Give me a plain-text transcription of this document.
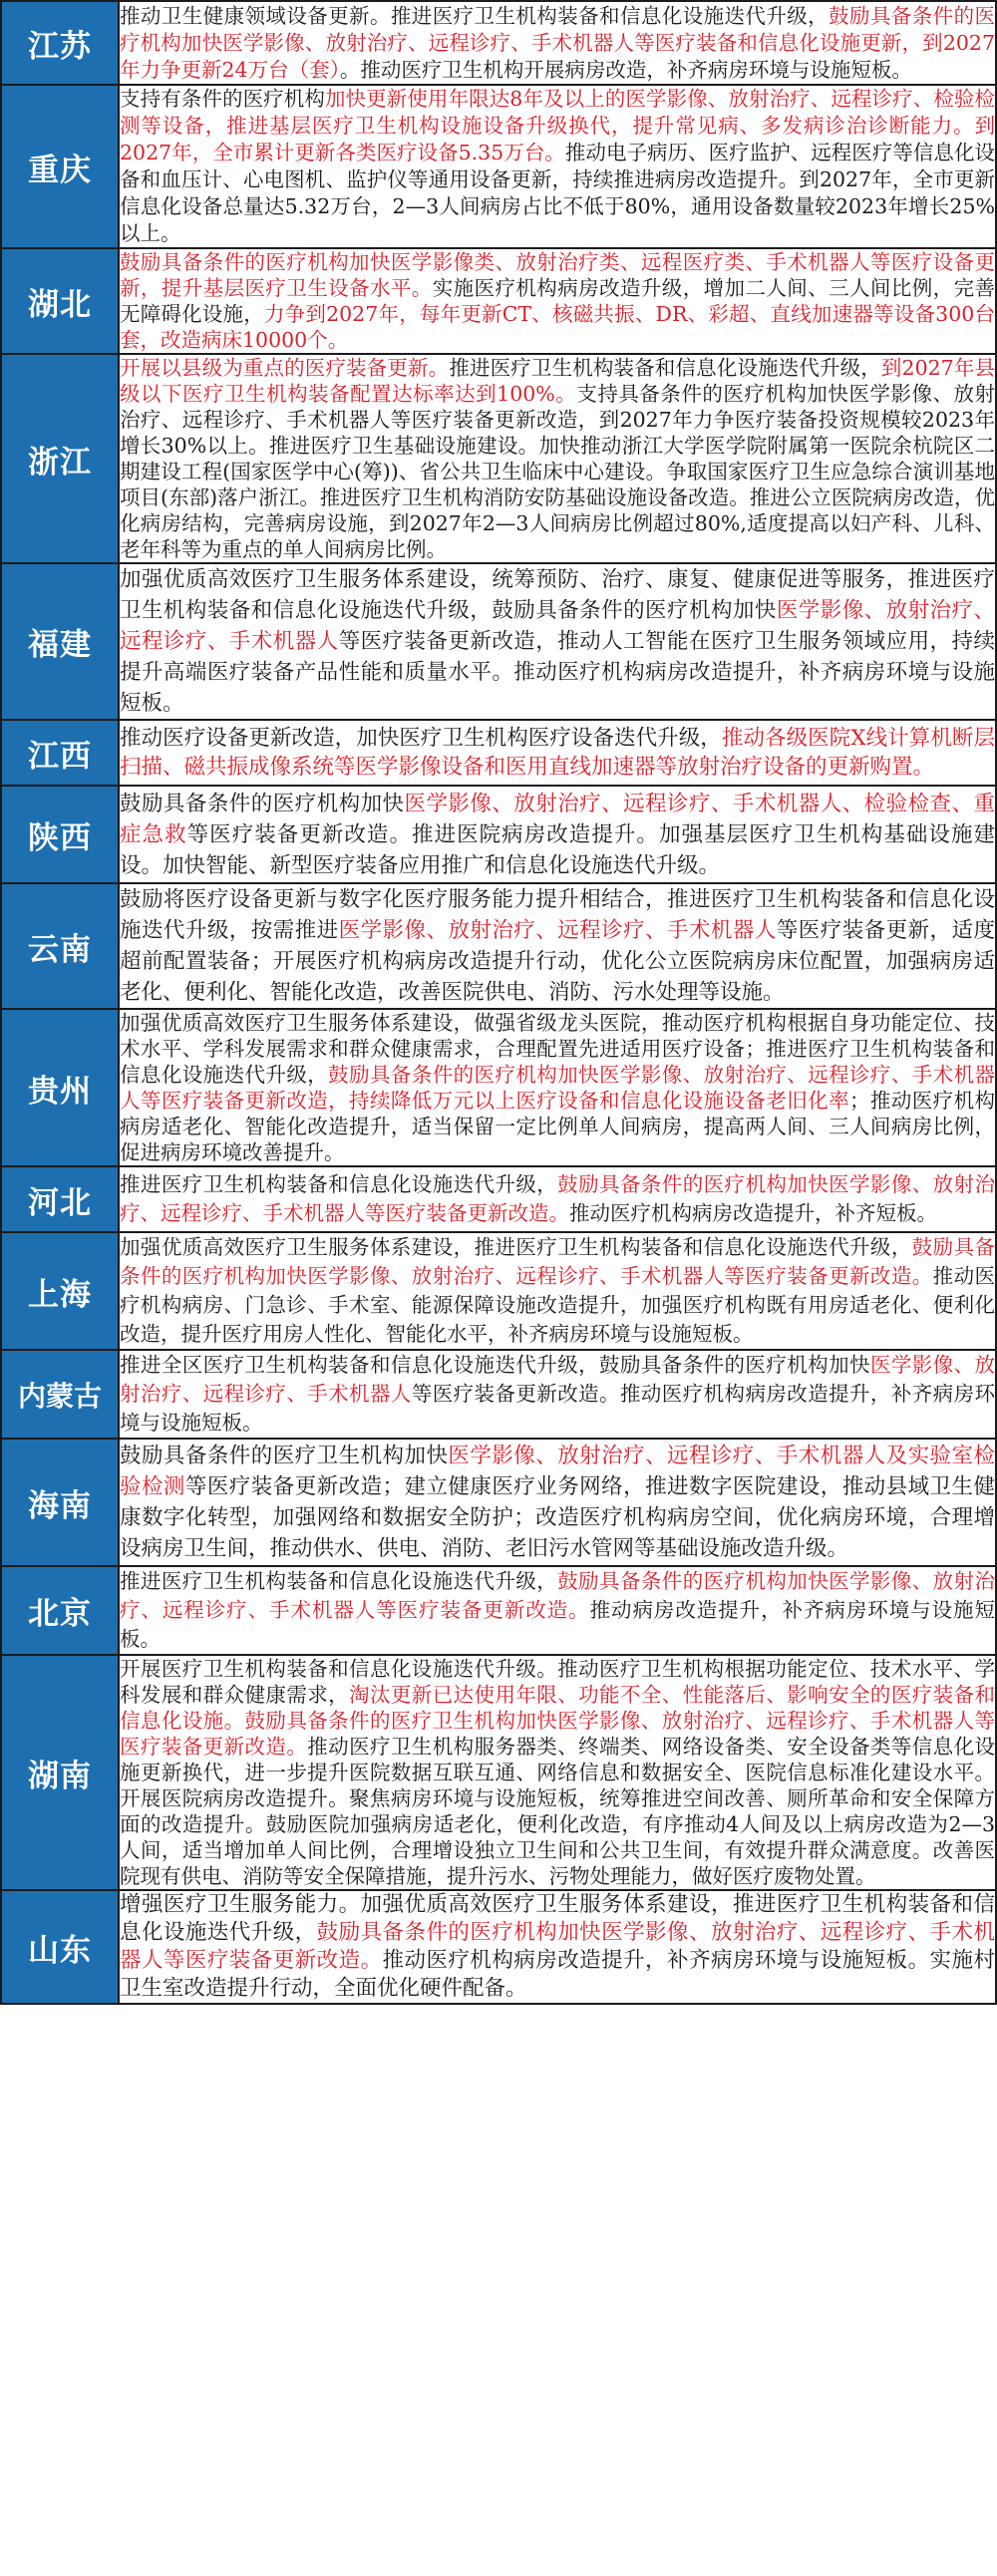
江苏	推动卫生健康领域设备更新。推进医疗卫生机构装备和信息化设施迭代升级，鼓励具备条件的医疗机构加快医学影像、放射治疗、远程诊疗、手术机器人等医疗装备和信息化设施更新，到2027年力争更新24万台（套）。推动医疗卫生机构开展病房改造，补齐病房环境与设施短板。
重庆	支持有条件的医疗机构加快更新使用年限达8年及以上的医学影像、放射治疗、远程诊疗、检验检测等设备，推进基层医疗卫生机构设施设备升级换代，提升常见病、多发病诊治诊断能力。到2027年，全市累计更新各类医疗设备5.35万台。推动电子病历、医疗监护、远程医疗等信息化设备和血压计、心电图机、监护仪等通用设备更新，持续推进病房改造提升。到2027年，全市更新信息化设备总量达5.32万台，2—3人间病房占比不低于80%，通用设备数量较2023年增长25%以上。
湖北	鼓励具备条件的医疗机构加快医学影像类、放射治疗类、远程医疗类、手术机器人等医疗设备更新，提升基层医疗卫生设备水平。实施医疗机构病房改造升级，增加二人间、三人间比例，完善无障碍化设施，力争到2027年，每年更新CT、核磁共振、DR、彩超、直线加速器等设备300台套，改造病床10000个。
浙江	开展以县级为重点的医疗装备更新。推进医疗卫生机构装备和信息化设施迭代升级，到2027年县级以下医疗卫生机构装备配置达标率达到100%。支持具备条件的医疗机构加快医学影像、放射治疗、远程诊疗、手术机器人等医疗装备更新改造，到2027年力争医疗装备投资规模较2023年增长30%以上。推进医疗卫生基础设施建设。加快推动浙江大学医学院附属第一医院余杭院区二期建设工程(国家医学中心(筹))、省公共卫生临床中心建设。争取国家医疗卫生应急综合演训基地项目(东部)落户浙江。推进医疗卫生机构消防安防基础设施设备改造。推进公立医院病房改造，优化病房结构，完善病房设施，到2027年2—3人间病房比例超过80%,适度提高以妇产科、儿科、老年科等为重点的单人间病房比例。
福建	加强优质高效医疗卫生服务体系建设，统筹预防、治疗、康复、健康促进等服务，推进医疗卫生机构装备和信息化设施迭代升级，鼓励具备条件的医疗机构加快医学影像、放射治疗、远程诊疗、手术机器人等医疗装备更新改造，推动人工智能在医疗卫生服务领域应用，持续提升高端医疗装备产品性能和质量水平。推动医疗机构病房改造提升，补齐病房环境与设施短板。
江西	推动医疗设备更新改造，加快医疗卫生机构医疗设备迭代升级，推动各级医院X线计算机断层扫描、磁共振成像系统等医学影像设备和医用直线加速器等放射治疗设备的更新购置。
陕西	鼓励具备条件的医疗机构加快医学影像、放射治疗、远程诊疗、手术机器人、检验检查、重症急救等医疗装备更新改造。推进医院病房改造提升。加强基层医疗卫生机构基础设施建设。加快智能、新型医疗装备应用推广和信息化设施迭代升级。
云南	鼓励将医疗设备更新与数字化医疗服务能力提升相结合，推进医疗卫生机构装备和信息化设施迭代升级，按需推进医学影像、放射治疗、远程诊疗、手术机器人等医疗装备更新，适度超前配置装备；开展医疗机构病房改造提升行动，优化公立医院病房床位配置，加强病房适老化、便利化、智能化改造，改善医院供电、消防、污水处理等设施。
贵州	加强优质高效医疗卫生服务体系建设，做强省级龙头医院，推动医疗机构根据自身功能定位、技术水平、学科发展需求和群众健康需求，合理配置先进适用医疗设备；推进医疗卫生机构装备和信息化设施迭代升级，鼓励具备条件的医疗机构加快医学影像、放射治疗、远程诊疗、手术机器人等医疗装备更新改造，持续降低万元以上医疗设备和信息化设施设备老旧化率；推动医疗机构病房适老化、智能化改造提升，适当保留一定比例单人间病房，提高两人间、三人间病房比例，促进病房环境改善提升。
河北	推进医疗卫生机构装备和信息化设施迭代升级，鼓励具备条件的医疗机构加快医学影像、放射治疗、远程诊疗、手术机器人等医疗装备更新改造。推动医疗机构病房改造提升，补齐短板。
上海	加强优质高效医疗卫生服务体系建设，推进医疗卫生机构装备和信息化设施迭代升级，鼓励具备条件的医疗机构加快医学影像、放射治疗、远程诊疗、手术机器人等医疗装备更新改造。推动医疗机构病房、门急诊、手术室、能源保障设施改造提升，加强医疗机构既有用房适老化、便利化改造，提升医疗用房人性化、智能化水平，补齐病房环境与设施短板。
内蒙古	推进全区医疗卫生机构装备和信息化设施迭代升级，鼓励具备条件的医疗机构加快医学影像、放射治疗、远程诊疗、手术机器人等医疗装备更新改造。推动医疗机构病房改造提升，补齐病房环境与设施短板。
海南	鼓励具备条件的医疗卫生机构加快医学影像、放射治疗、远程诊疗、手术机器人及实验室检验检测等医疗装备更新改造；建立健康医疗业务网络，推进数字医院建设，推动县域卫生健康数字化转型，加强网络和数据安全防护；改造医疗机构病房空间，优化病房环境，合理增设病房卫生间，推动供水、供电、消防、老旧污水管网等基础设施改造升级。
北京	推进医疗卫生机构装备和信息化设施迭代升级，鼓励具备条件的医疗机构加快医学影像、放射治疗、远程诊疗、手术机器人等医疗装备更新改造。推动病房改造提升，补齐病房环境与设施短板。
湖南	开展医疗卫生机构装备和信息化设施迭代升级。推动医疗卫生机构根据功能定位、技术水平、学科发展和群众健康需求，淘汰更新已达使用年限、功能不全、性能落后、影响安全的医疗装备和信息化设施。鼓励具备条件的医疗卫生机构加快医学影像、放射治疗、远程诊疗、手术机器人等医疗装备更新改造。推动医疗卫生机构服务器类、终端类、网络设备类、安全设备类等信息化设施更新换代，进一步提升医院数据互联互通、网络信息和数据安全、医院信息标准化建设水平。开展医院病房改造提升。聚焦病房环境与设施短板，统筹推进空间改善、厕所革命和安全保障方面的改造提升。鼓励医院加强病房适老化，便利化改造，有序推动4人间及以上病房改造为2—3人间，适当增加单人间比例，合理增设独立卫生间和公共卫生间，有效提升群众满意度。改善医院现有供电、消防等安全保障措施，提升污水、污物处理能力，做好医疗废物处置。
山东	增强医疗卫生服务能力。加强优质高效医疗卫生服务体系建设，推进医疗卫生机构装备和信息化设施迭代升级，鼓励具备条件的医疗机构加快医学影像、放射治疗、远程诊疗、手术机器人等医疗装备更新改造。推动医疗机构病房改造提升，补齐病房环境与设施短板。实施村卫生室改造提升行动，全面优化硬件配备。
